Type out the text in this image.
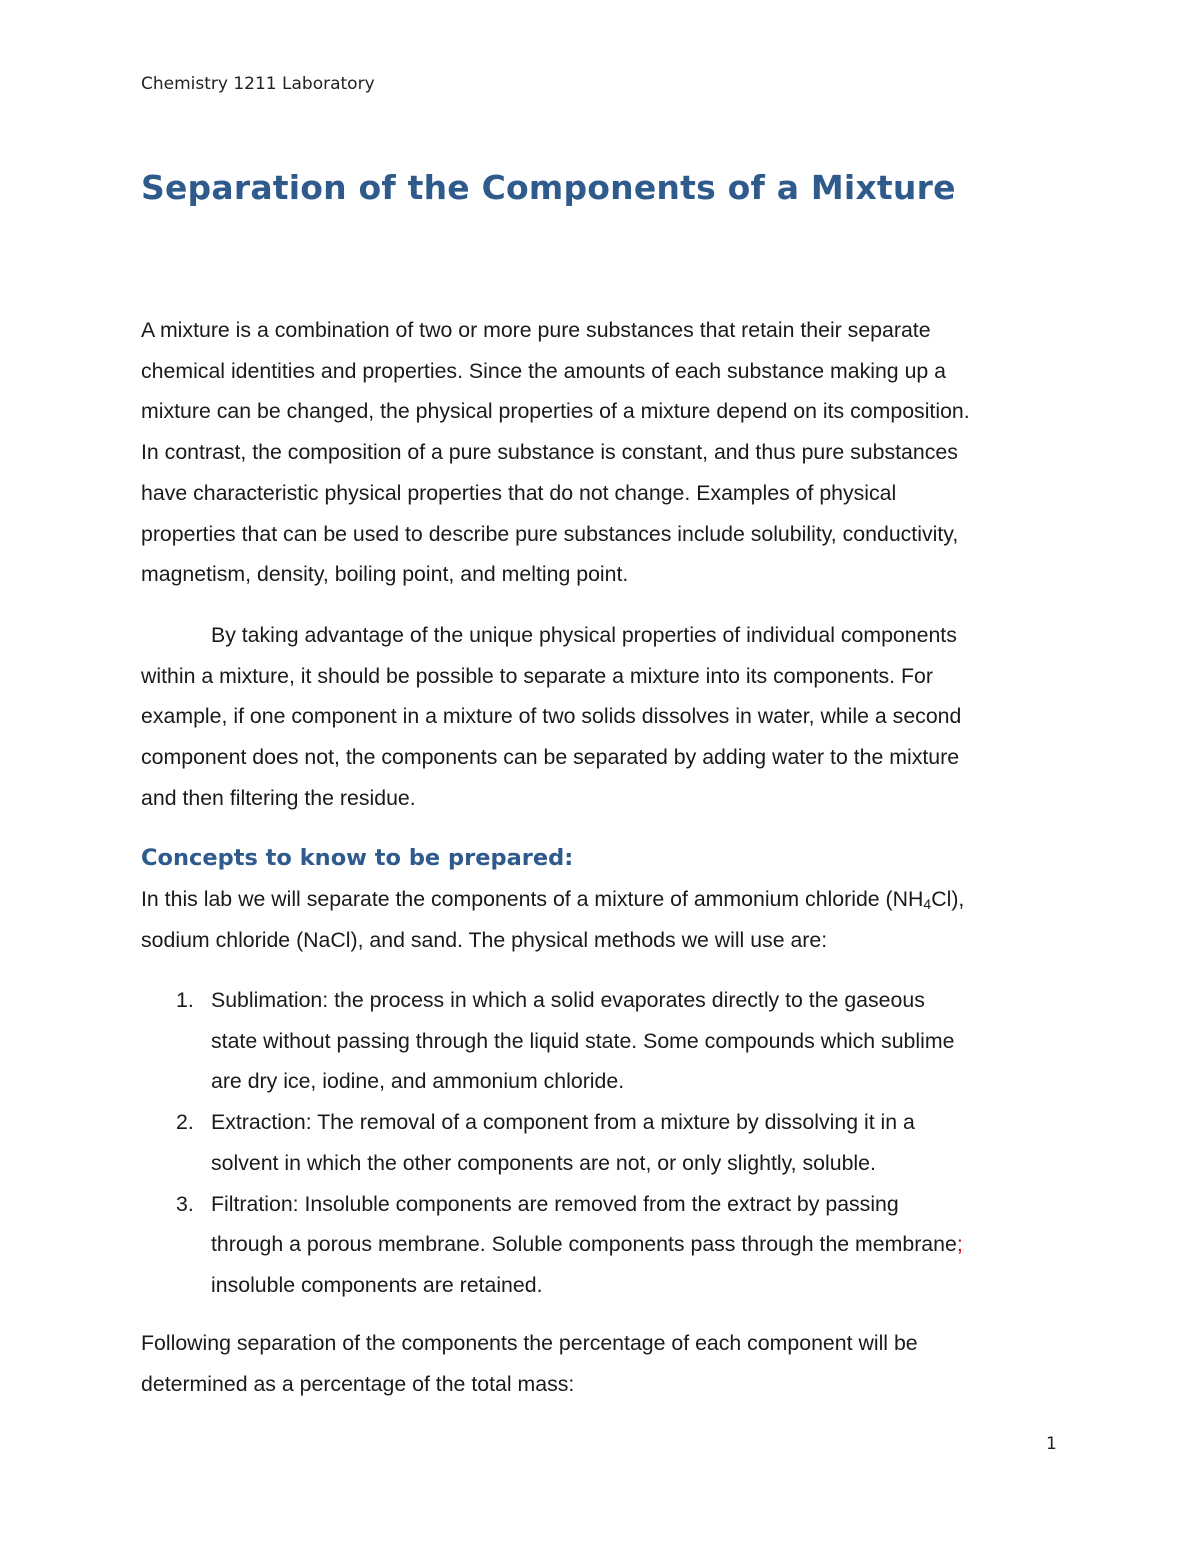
Chemistry 1211 Laboratory
Separation of the Components of a Mixture

A mixture is a combination of two or more pure substances that retain their separate

chemical identities and properties. Since the amounts of each substance making up a

mixture can be changed, the physical properties of a mixture depend on its composition.

In contrast, the composition of a pure substance is constant, and thus pure substances

have characteristic physical properties that do not change. Examples of physical

properties that can be used to describe pure substances include solubility, conductivity,

magnetism, density, boiling point, and melting point.

By taking advantage of the unique physical properties of individual components

within a mixture, it should be possible to separate a mixture into its components. For

example, if one component in a mixture of two solids dissolves in water, while a second

component does not, the components can be separated by adding water to the mixture

and then filtering the residue.

Concepts to know to be prepared:

In this lab we will separate the components of a mixture of ammonium chloride $(NH_4Cl)$,

sodium chloride (NaCl), and sand. The physical methods we will use are:

1. Sublimation: the process in which a solid evaporates directly to the gaseous
state without passing through the liquid state. Some compounds which sublime
are dry ice, iodine, and ammonium chloride.
2. Extraction: The removal of a component from a mixture by dissolving it in a
solvent in which the other components are not, or only slightly, soluble.
3. Filtration: Insoluble components are removed from the extract by passing
through a porous membrane. Soluble components pass through the membrane;
insoluble components are retained.

Following separation of the components the percentage of each component will be

determined as a percentage of the total mass:

1
